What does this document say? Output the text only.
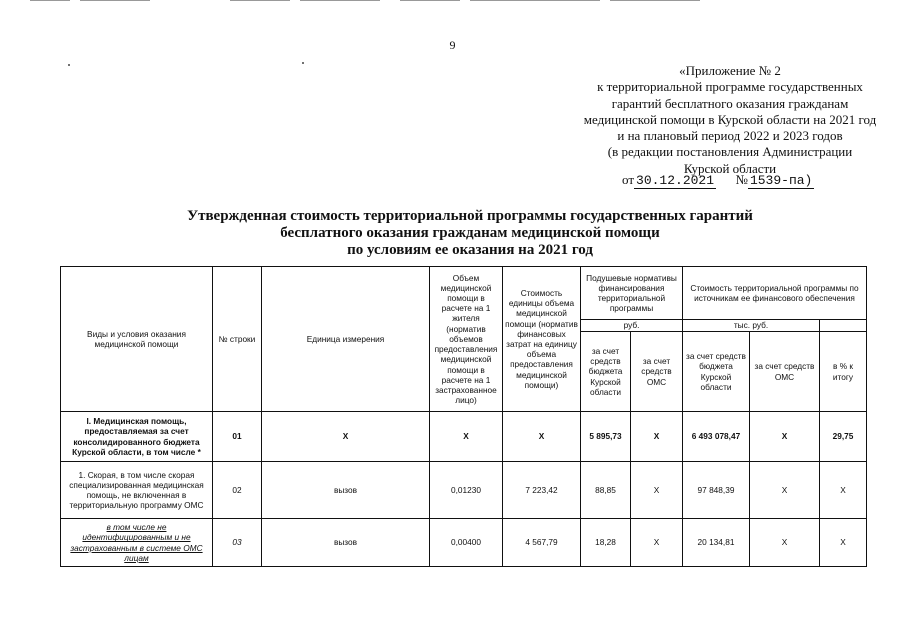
9
«Приложение № 2
к территориальной программе государственных
гарантий бесплатного оказания гражданам
медицинской помощи в Курской области на 2021 год
и на плановый период 2022 и 2023 годов
(в редакции постановления Администрации
Курской области
от 30.12.2021 № 1539-па)
Утвержденная стоимость территориальной программы государственных гарантий
бесплатного оказания гражданам медицинской помощи
по условиям ее оказания на 2021 год
Виды и условия оказания медицинской помощи	№ строки	Единица измерения	Объем медицинской помощи в расчете на 1 жителя (норматив объемов предоставления медицинской помощи в расчете на 1 застрахованное лицо)	Стоимость единицы объема медицинской помощи (норматив финансовых затрат на единицу объема предоставления медицинской помощи)	Подушевые нормативы финансирования территориальной программы		Стоимость территориальной программы по источникам ее финансового обеспечения		
					руб.		тыс. руб.		
					за счет средств бюджета Курской области	за счет средств ОМС	за счет средств бюджета Курской области	за счет средств ОМС	в % к итогу
I. Медицинская помощь, предоставляемая за счет консолидированного бюджета Курской области, в том числе *	01	X	X	X	5 895,73	X	6 493 078,47	X	29,75
1. Скорая, в том числе скорая специализированная медицинская помощь, не включенная в территориальную программу ОМС	02	вызов	0,01230	7 223,42	88,85	X	97 848,39	X	X
в том числе не идентифицированным и не застрахованным в системе ОМС лицам	03	вызов	0,00400	4 567,79	18,28	X	20 134,81	X	X
